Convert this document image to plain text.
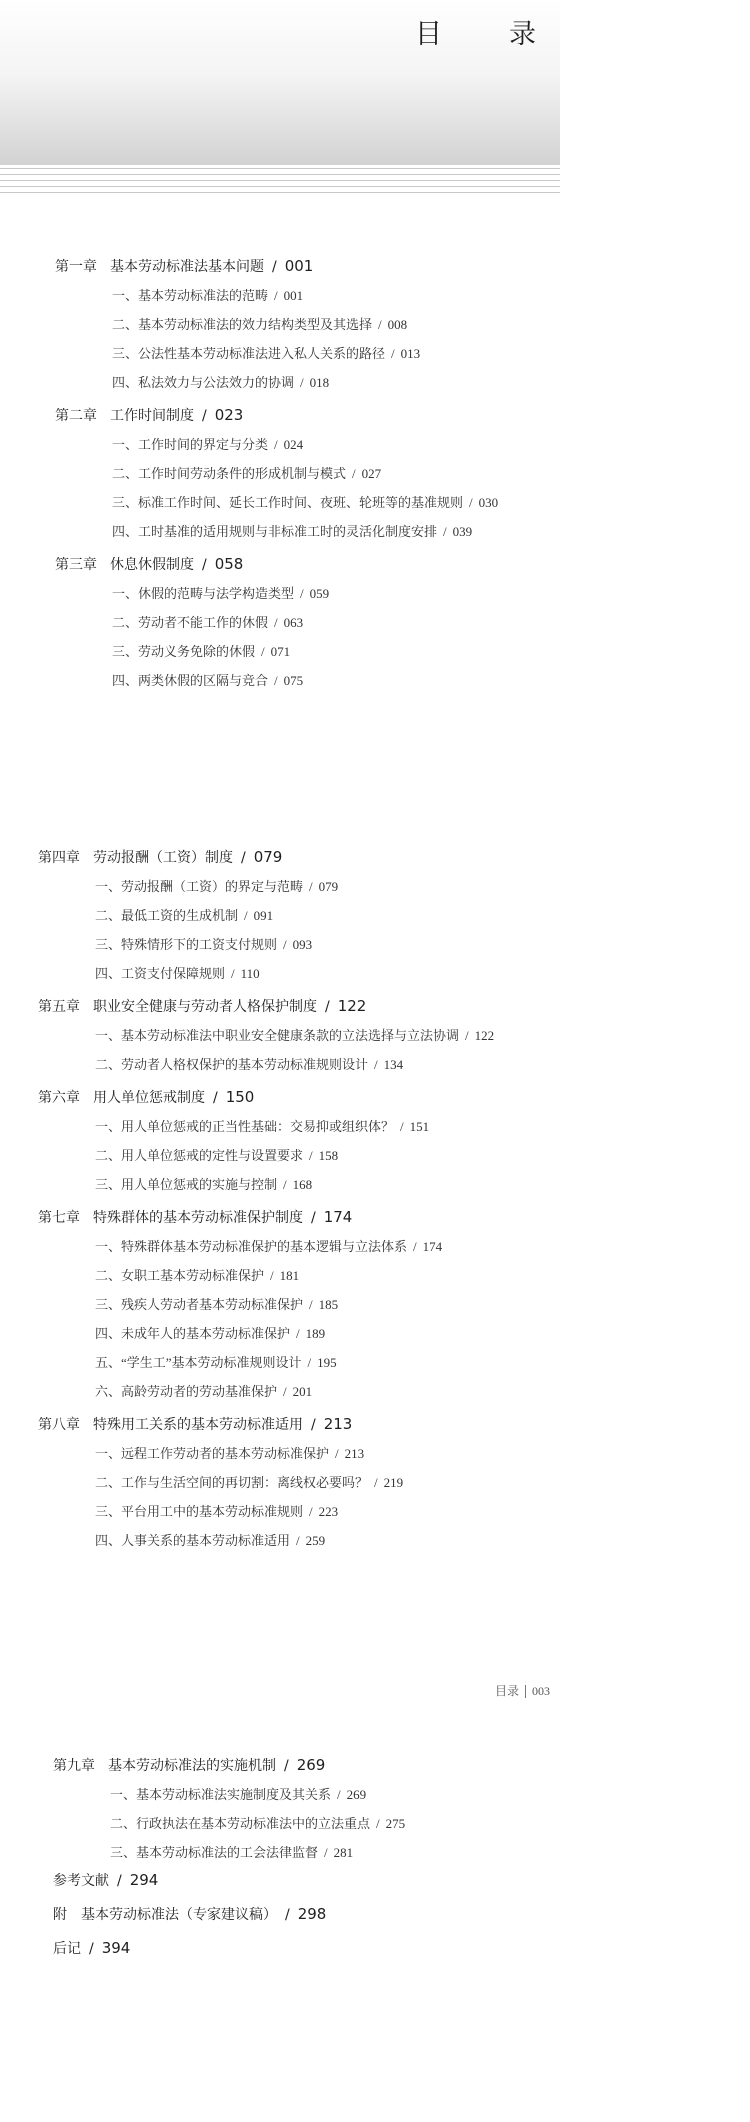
目　录
第一章 基本劳动标准法基本问题 / 001
一、基本劳动标准法的范畴 / 001
二、基本劳动标准法的效力结构类型及其选择 / 008
三、公法性基本劳动标准法进入私人关系的路径 / 013
四、私法效力与公法效力的协调 / 018
第二章 工作时间制度 / 023
一、工作时间的界定与分类 / 024
二、工作时间劳动条件的形成机制与模式 / 027
三、标准工作时间、延长工作时间、夜班、轮班等的基准规则 / 030
四、工时基准的适用规则与非标准工时的灵活化制度安排 / 039
第三章 休息休假制度 / 058
一、休假的范畴与法学构造类型 / 059
二、劳动者不能工作的休假 / 063
三、劳动义务免除的休假 / 071
四、两类休假的区隔与竞合 / 075
第四章 劳动报酬（工资）制度 / 079
一、劳动报酬（工资）的界定与范畴 / 079
二、最低工资的生成机制 / 091
三、特殊情形下的工资支付规则 / 093
四、工资支付保障规则 / 110
第五章 职业安全健康与劳动者人格保护制度 / 122
一、基本劳动标准法中职业安全健康条款的立法选择与立法协调 / 122
二、劳动者人格权保护的基本劳动标准规则设计 / 134
第六章 用人单位惩戒制度 / 150
一、用人单位惩戒的正当性基础：交易抑或组织体？ / 151
二、用人单位惩戒的定性与设置要求 / 158
三、用人单位惩戒的实施与控制 / 168
第七章 特殊群体的基本劳动标准保护制度 / 174
一、特殊群体基本劳动标准保护的基本逻辑与立法体系 / 174
二、女职工基本劳动标准保护 / 181
三、残疾人劳动者基本劳动标准保护 / 185
四、未成年人的基本劳动标准保护 / 189
五、“学生工”基本劳动标准规则设计 / 195
六、高龄劳动者的劳动基准保护 / 201
第八章 特殊用工关系的基本劳动标准适用 / 213
一、远程工作劳动者的基本劳动标准保护 / 213
二、工作与生活空间的再切割：离线权必要吗？ / 219
三、平台用工中的基本劳动标准规则 / 223
四、人事关系的基本劳动标准适用 / 259
第九章 基本劳动标准法的实施机制 / 269
一、基本劳动标准法实施制度及其关系 / 269
二、行政执法在基本劳动标准法中的立法重点 / 275
三、基本劳动标准法的工会法律监督 / 281
参考文献 / 294
附　基本劳动标准法（专家建议稿） / 298
后记 / 394
目录 003
